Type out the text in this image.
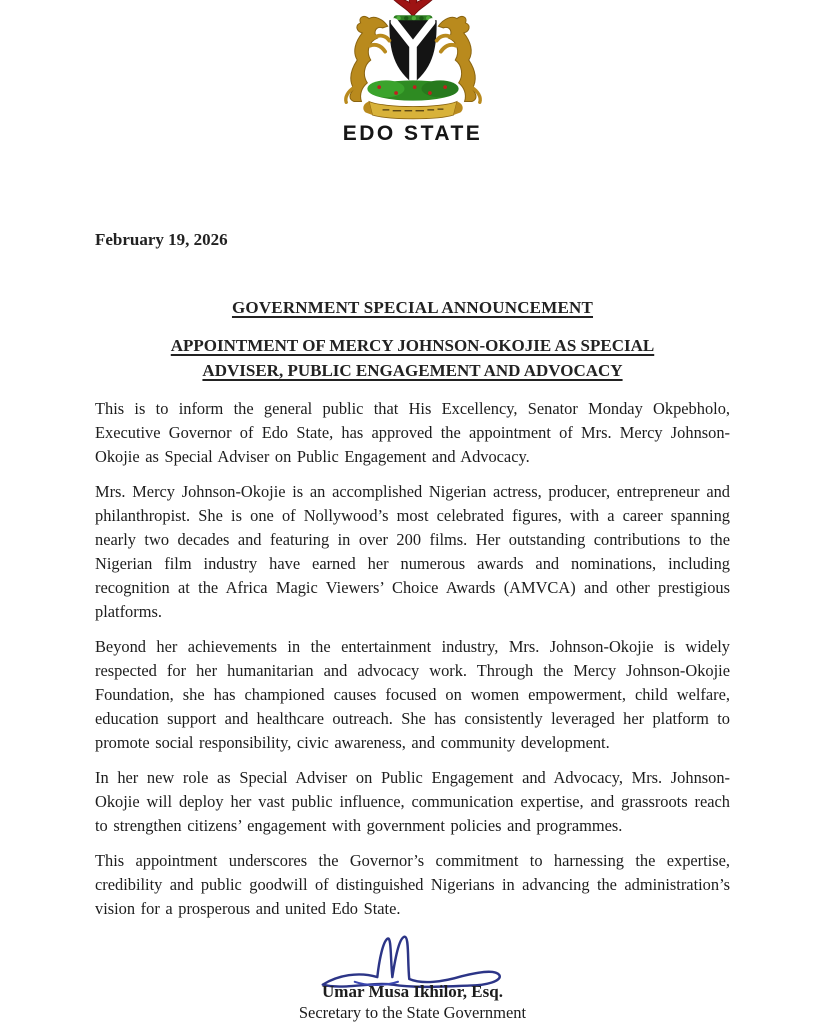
EDO STATE

February 19, 2026

GOVERNMENT SPECIAL ANNOUNCEMENT
APPOINTMENT OF MERCY JOHNSON-OKOJIE AS SPECIAL
ADVISER, PUBLIC ENGAGEMENT AND ADVOCACY

This is to inform the general public that His Excellency, Senator Monday Okpebholo, Executive Governor of Edo State, has approved the appointment of Mrs. Mercy Johnson-Okojie as Special Adviser on Public Engagement and Advocacy.

Mrs. Mercy Johnson-Okojie is an accomplished Nigerian actress, producer, entrepreneur and philanthropist. She is one of Nollywood’s most celebrated figures, with a career spanning nearly two decades and featuring in over 200 films. Her outstanding contributions to the Nigerian film industry have earned her numerous awards and nominations, including recognition at the Africa Magic Viewers’ Choice Awards (AMVCA) and other prestigious platforms.

Beyond her achievements in the entertainment industry, Mrs. Johnson-Okojie is widely respected for her humanitarian and advocacy work. Through the Mercy Johnson-Okojie Foundation, she has championed causes focused on women empowerment, child welfare, education support and healthcare outreach. She has consistently leveraged her platform to promote social responsibility, civic awareness, and community development.

In her new role as Special Adviser on Public Engagement and Advocacy, Mrs. Johnson-Okojie will deploy her vast public influence, communication expertise, and grassroots reach to strengthen citizens’ engagement with government policies and programmes.

This appointment underscores the Governor’s commitment to harnessing the expertise, credibility and public goodwill of distinguished Nigerians in advancing the administration’s vision for a prosperous and united Edo State.

Umar Musa Ikhilor, Esq.
Secretary to the State Government
